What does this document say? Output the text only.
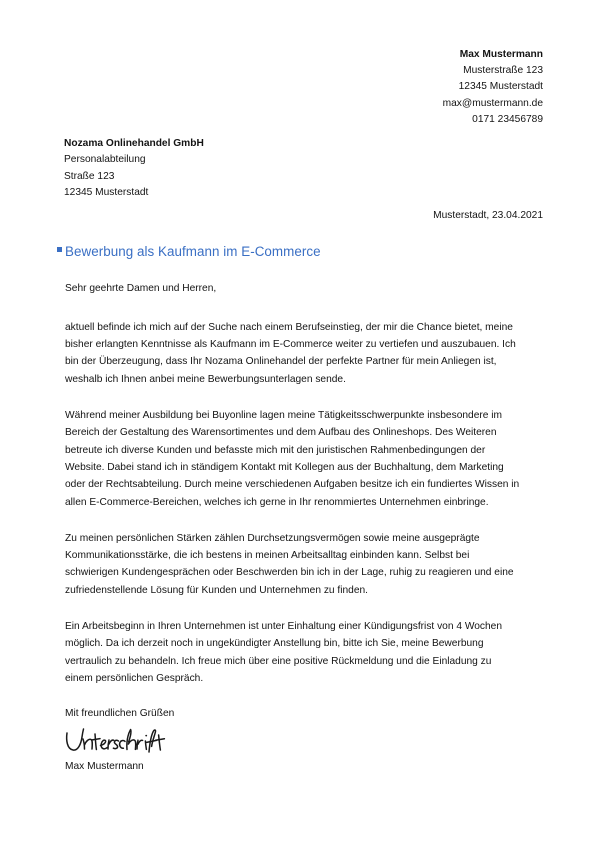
Max Mustermann
Musterstraße 123
12345 Musterstadt
max@mustermann.de
0171 23456789
Nozama Onlinehandel GmbH
Personalabteilung
Straße 123
12345 Musterstadt
Musterstadt, 23.04.2021
Bewerbung als Kaufmann im E-Commerce

Sehr geehrte Damen und Herren,

aktuell befinde ich mich auf der Suche nach einem Berufseinstieg, der mir die Chance bietet, meine bisher erlangten Kenntnisse als Kaufmann im E-Commerce weiter zu vertiefen und auszubauen. Ich bin der Überzeugung, dass Ihr Nozama Onlinehandel der perfekte Partner für mein Anliegen ist, weshalb ich Ihnen anbei meine Bewerbungsunterlagen sende.

Während meiner Ausbildung bei Buyonline lagen meine Tätigkeitsschwerpunkte insbesondere im Bereich der Gestaltung des Warensortimentes und dem Aufbau des Onlineshops. Des Weiteren betreute ich diverse Kunden und befasste mich mit den juristischen Rahmenbedingungen der Website. Dabei stand ich in ständigem Kontakt mit Kollegen aus der Buchhaltung, dem Marketing oder der Rechtsabteilung. Durch meine verschiedenen Aufgaben besitze ich ein fundiertes Wissen in allen E-Commerce-Bereichen, welches ich gerne in Ihr renommiertes Unternehmen einbringe.

Zu meinen persönlichen Stärken zählen Durchsetzungsvermögen sowie meine ausgeprägte Kommunikationsstärke, die ich bestens in meinen Arbeitsalltag einbinden kann. Selbst bei schwierigen Kundengesprächen oder Beschwerden bin ich in der Lage, ruhig zu reagieren und eine zufriedenstellende Lösung für Kunden und Unternehmen zu finden.

Ein Arbeitsbeginn in Ihren Unternehmen ist unter Einhaltung einer Kündigungsfrist von 4 Wochen möglich. Da ich derzeit noch in ungekündigter Anstellung bin, bitte ich Sie, meine Bewerbung vertraulich zu behandeln. Ich freue mich über eine positive Rückmeldung und die Einladung zu einem persönlichen Gespräch.

Mit freundlichen Grüßen

Max Mustermann
